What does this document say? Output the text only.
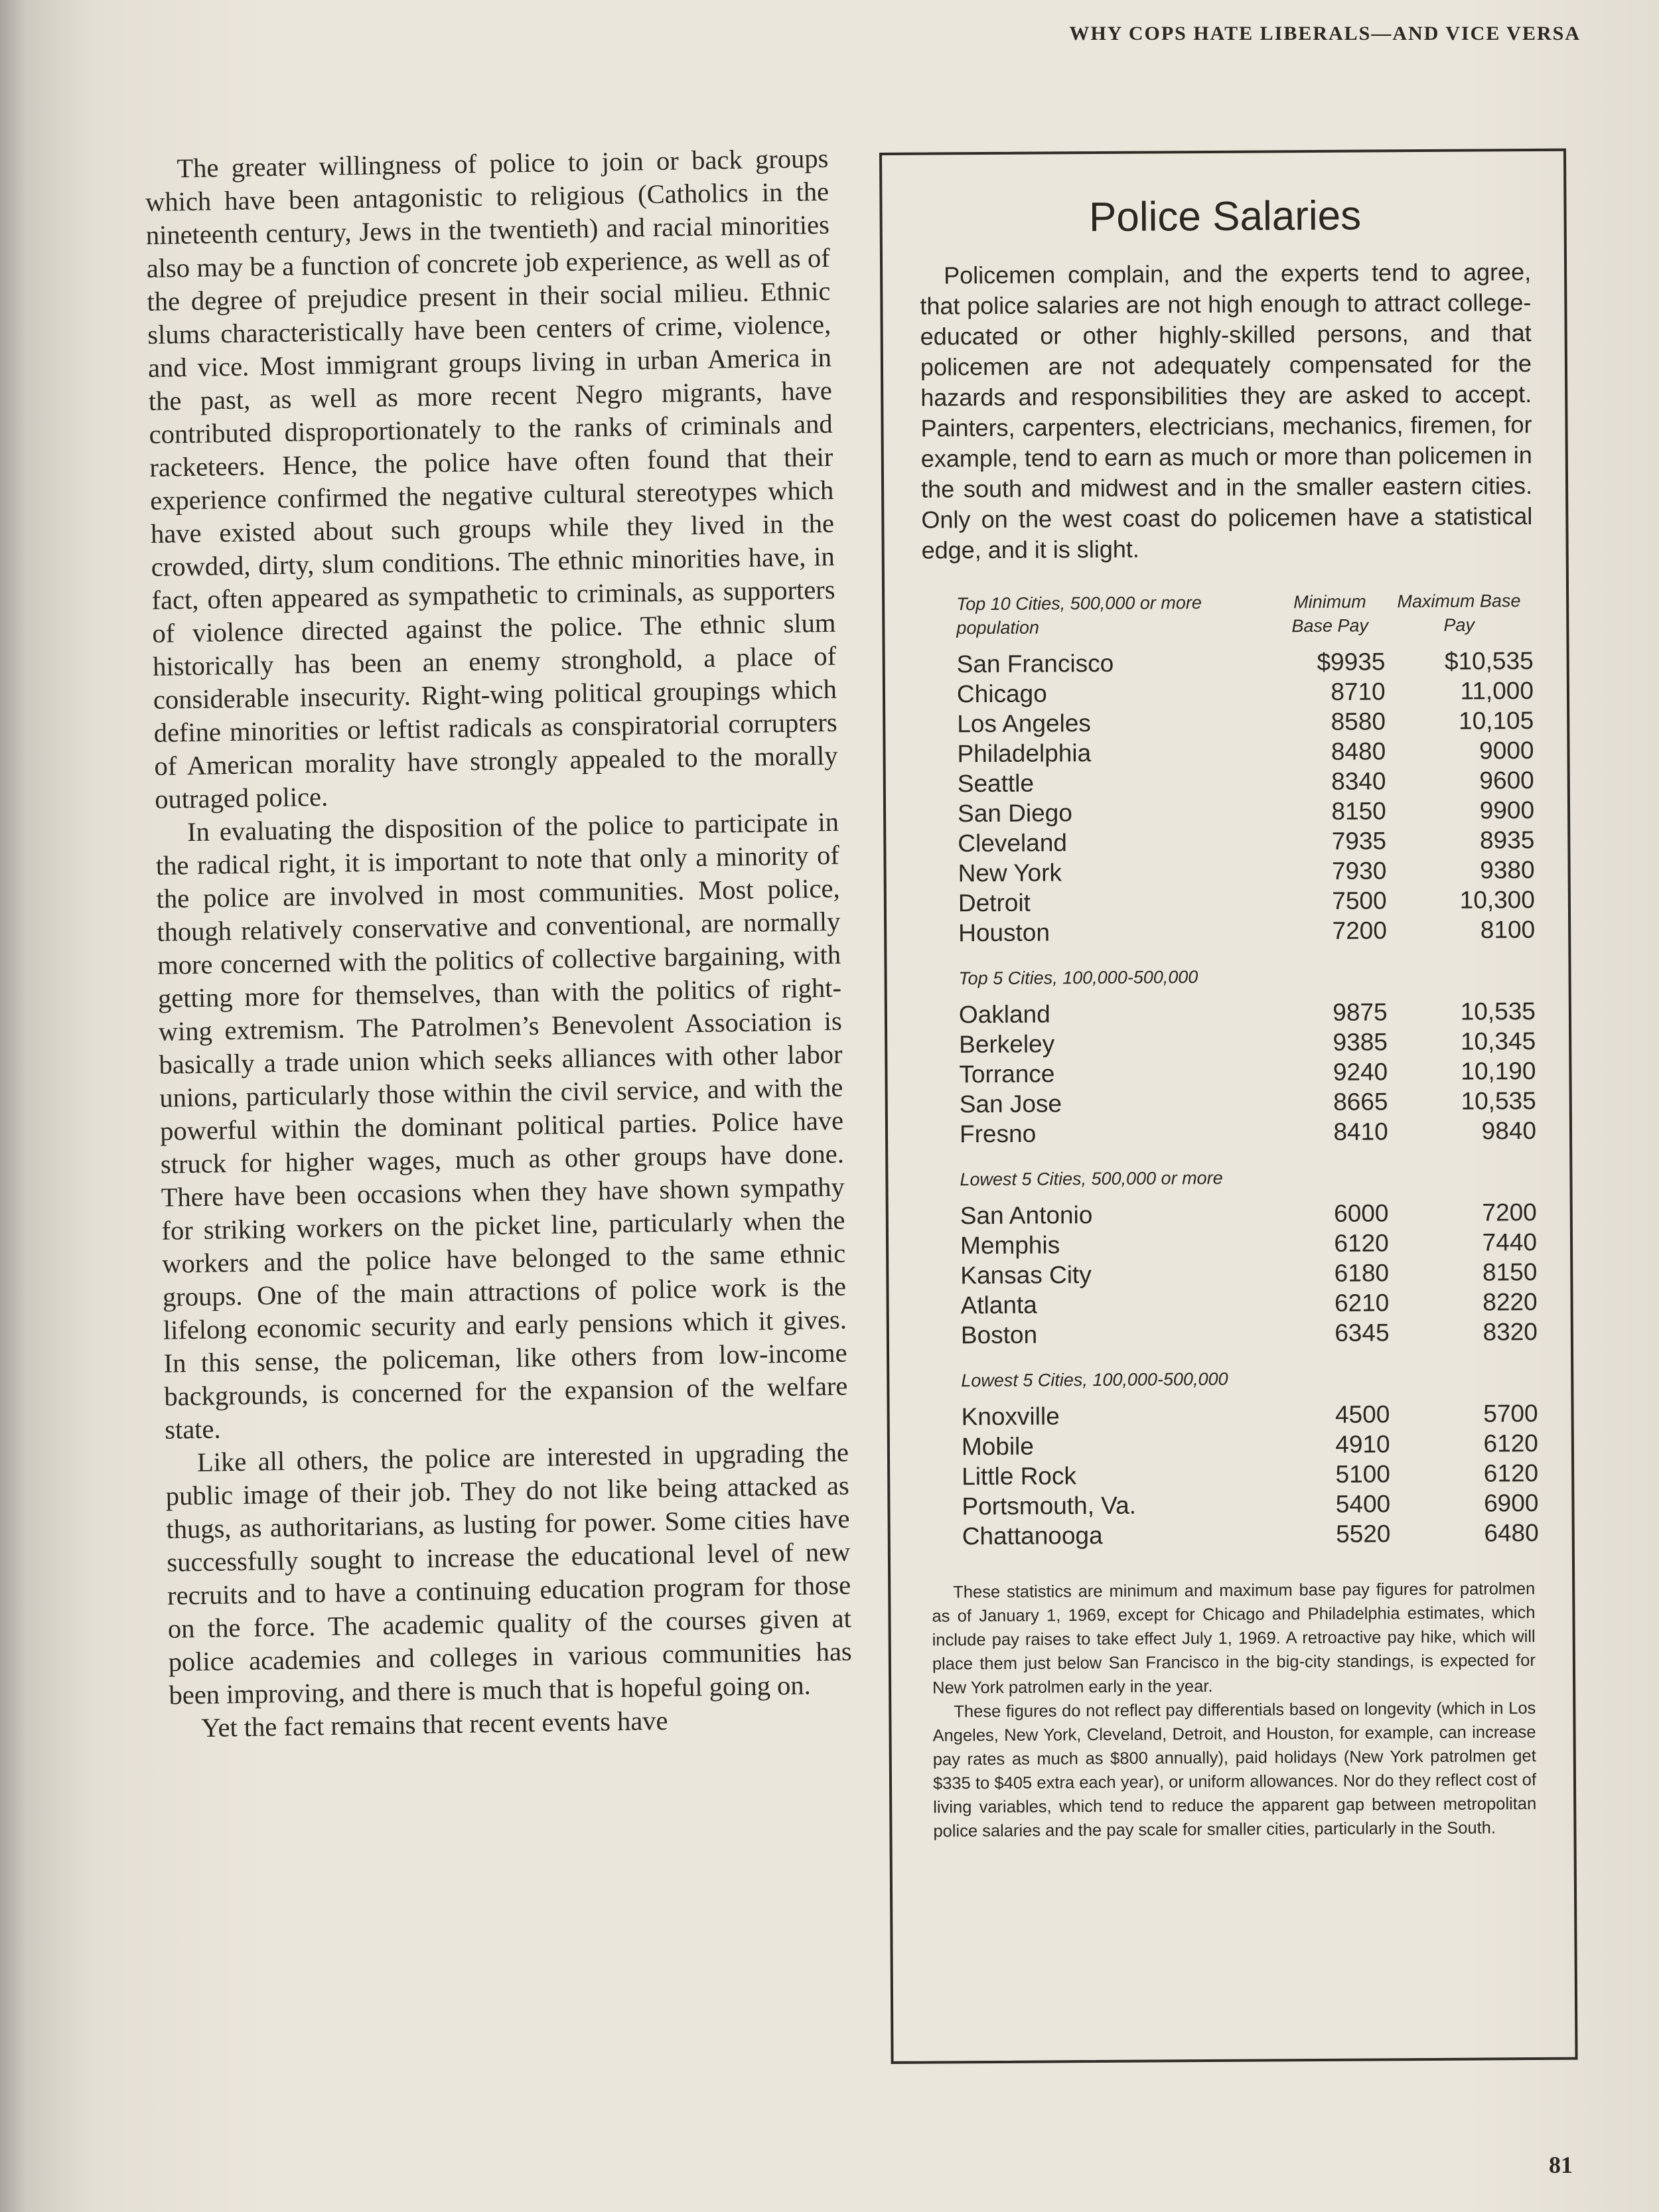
WHY COPS HATE LIBERALS—AND VICE VERSA

The greater willingness of police to join or back groups which have been antagonistic to religious (Catholics in the nineteenth century, Jews in the twentieth) and racial minorities also may be a function of concrete job experience, as well as of the degree of prejudice present in their social milieu. Ethnic slums characteristically have been centers of crime, violence, and vice. Most immigrant groups living in urban America in the past, as well as more recent Negro migrants, have contributed disproportionately to the ranks of criminals and racketeers. Hence, the police have often found that their experience confirmed the negative cultural stereotypes which have existed about such groups while they lived in the crowded, dirty, slum conditions. The ethnic minorities have, in fact, often appeared as sympathetic to criminals, as supporters of violence directed against the police. The ethnic slum historically has been an enemy stronghold, a place of considerable insecurity. Right-wing political groupings which define minorities or leftist radicals as conspiratorial corrupters of American morality have strongly appealed to the morally outraged police.

In evaluating the disposition of the police to participate in the radical right, it is important to note that only a minority of the police are involved in most communities. Most police, though relatively conservative and conventional, are normally more concerned with the politics of collective bargaining, with getting more for themselves, than with the politics of right-wing extremism. The Patrolmen’s Benevolent Association is basically a trade union which seeks alliances with other labor unions, particularly those within the civil service, and with the powerful within the dominant political parties. Police have struck for higher wages, much as other groups have done. There have been occasions when they have shown sympathy for striking workers on the picket line, particularly when the workers and the police have belonged to the same ethnic groups. One of the main attractions of police work is the lifelong economic security and early pensions which it gives. In this sense, the policeman, like others from low-income backgrounds, is concerned for the expansion of the welfare state.

Like all others, the police are interested in upgrading the public image of their job. They do not like being attacked as thugs, as authoritarians, as lusting for power. Some cities have successfully sought to increase the educational level of new recruits and to have a continuing education program for those on the force. The academic quality of the courses given at police academies and colleges in various communities has been improving, and there is much that is hopeful going on.

Yet the fact remains that recent events have

Police Salaries
Policemen complain, and the experts tend to agree, that police salaries are not high enough to attract college-educated or other highly-skilled persons, and that policemen are not adequately compensated for the hazards and responsibilities they are asked to accept. Painters, carpenters, electricians, mechanics, firemen, for example, tend to earn as much or more than policemen in the south and midwest and in the smaller eastern cities. Only on the west coast do policemen have a statistical edge, and it is slight.
Top 10 Cities, 500,000 or more population	Minimum Base Pay	Maximum Base Pay
San Francisco	$9935	$10,535
Chicago	8710	11,000
Los Angeles	8580	10,105
Philadelphia	8480	9000
Seattle	8340	9600
San Diego	8150	9900
Cleveland	7935	8935
New York	7930	9380
Detroit	7500	10,300
Houston	7200	8100
Top 5 Cities, 100,000-500,000		
Oakland	9875	10,535
Berkeley	9385	10,345
Torrance	9240	10,190
San Jose	8665	10,535
Fresno	8410	9840
Lowest 5 Cities, 500,000 or more		
San Antonio	6000	7200
Memphis	6120	7440
Kansas City	6180	8150
Atlanta	6210	8220
Boston	6345	8320
Lowest 5 Cities, 100,000-500,000		
Knoxville	4500	5700
Mobile	4910	6120
Little Rock	5100	6120
Portsmouth, Va.	5400	6900
Chattanooga	5520	6480

These statistics are minimum and maximum base pay figures for patrolmen as of January 1, 1969, except for Chicago and Philadelphia estimates, which include pay raises to take effect July 1, 1969. A retroactive pay hike, which will place them just below San Francisco in the big-city standings, is expected for New York patrolmen early in the year.

These figures do not reflect pay differentials based on longevity (which in Los Angeles, New York, Cleveland, Detroit, and Houston, for example, can increase pay rates as much as $800 annually), paid holidays (New York patrolmen get $335 to $405 extra each year), or uniform allowances. Nor do they reflect cost of living variables, which tend to reduce the apparent gap between metropolitan police salaries and the pay scale for smaller cities, particularly in the South.

81
